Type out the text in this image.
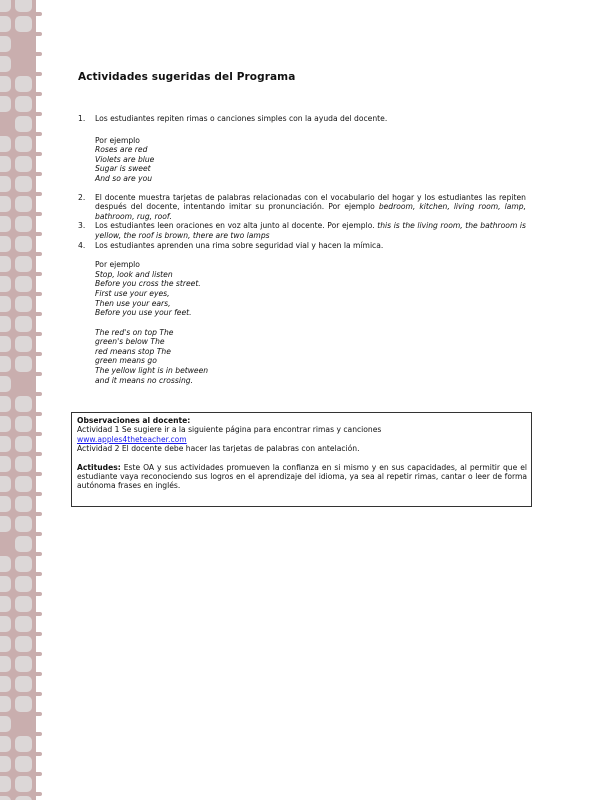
Actividades sugeridas del Programa
1. Los estudiantes repiten rimas o canciones simples con la ayuda del docente.
Por ejemplo
Roses are red
Violets are blue
Sugar is sweet
And so are you
2. El docente muestra tarjetas de palabras relacionadas con el vocabulario del hogar y los estudiantes las repiten después del docente, intentando imitar su pronunciación. Por ejemplo bedroom, kitchen, living room, lamp, bathroom, rug, roof.
3. Los estudiantes leen oraciones en voz alta junto al docente. Por ejemplo. this is the living room, the bathroom is yellow, the roof is brown, there are two lamps
4. Los estudiantes aprenden una rima sobre seguridad vial y hacen la mímica.
Por ejemplo
Stop, look and listen
Before you cross the street.
First use your eyes,
Then use your ears,
Before you use your feet.
The red's on top The
green's below The
red means stop The
green means go
The yellow light is in between
and it means no crossing.
Observaciones al docente:
Actividad 1 Se sugiere ir a la siguiente página para encontrar rimas y canciones
www.apples4theteacher.com
Actividad 2 El docente debe hacer las tarjetas de palabras con antelación.
Actitudes: Este OA y sus actividades promueven la confianza en si mismo y en sus capacidades, al permitir que el estudiante vaya reconociendo sus logros en el aprendizaje del idioma, ya sea al repetir rimas, cantar o leer de forma autónoma frases en inglés.
